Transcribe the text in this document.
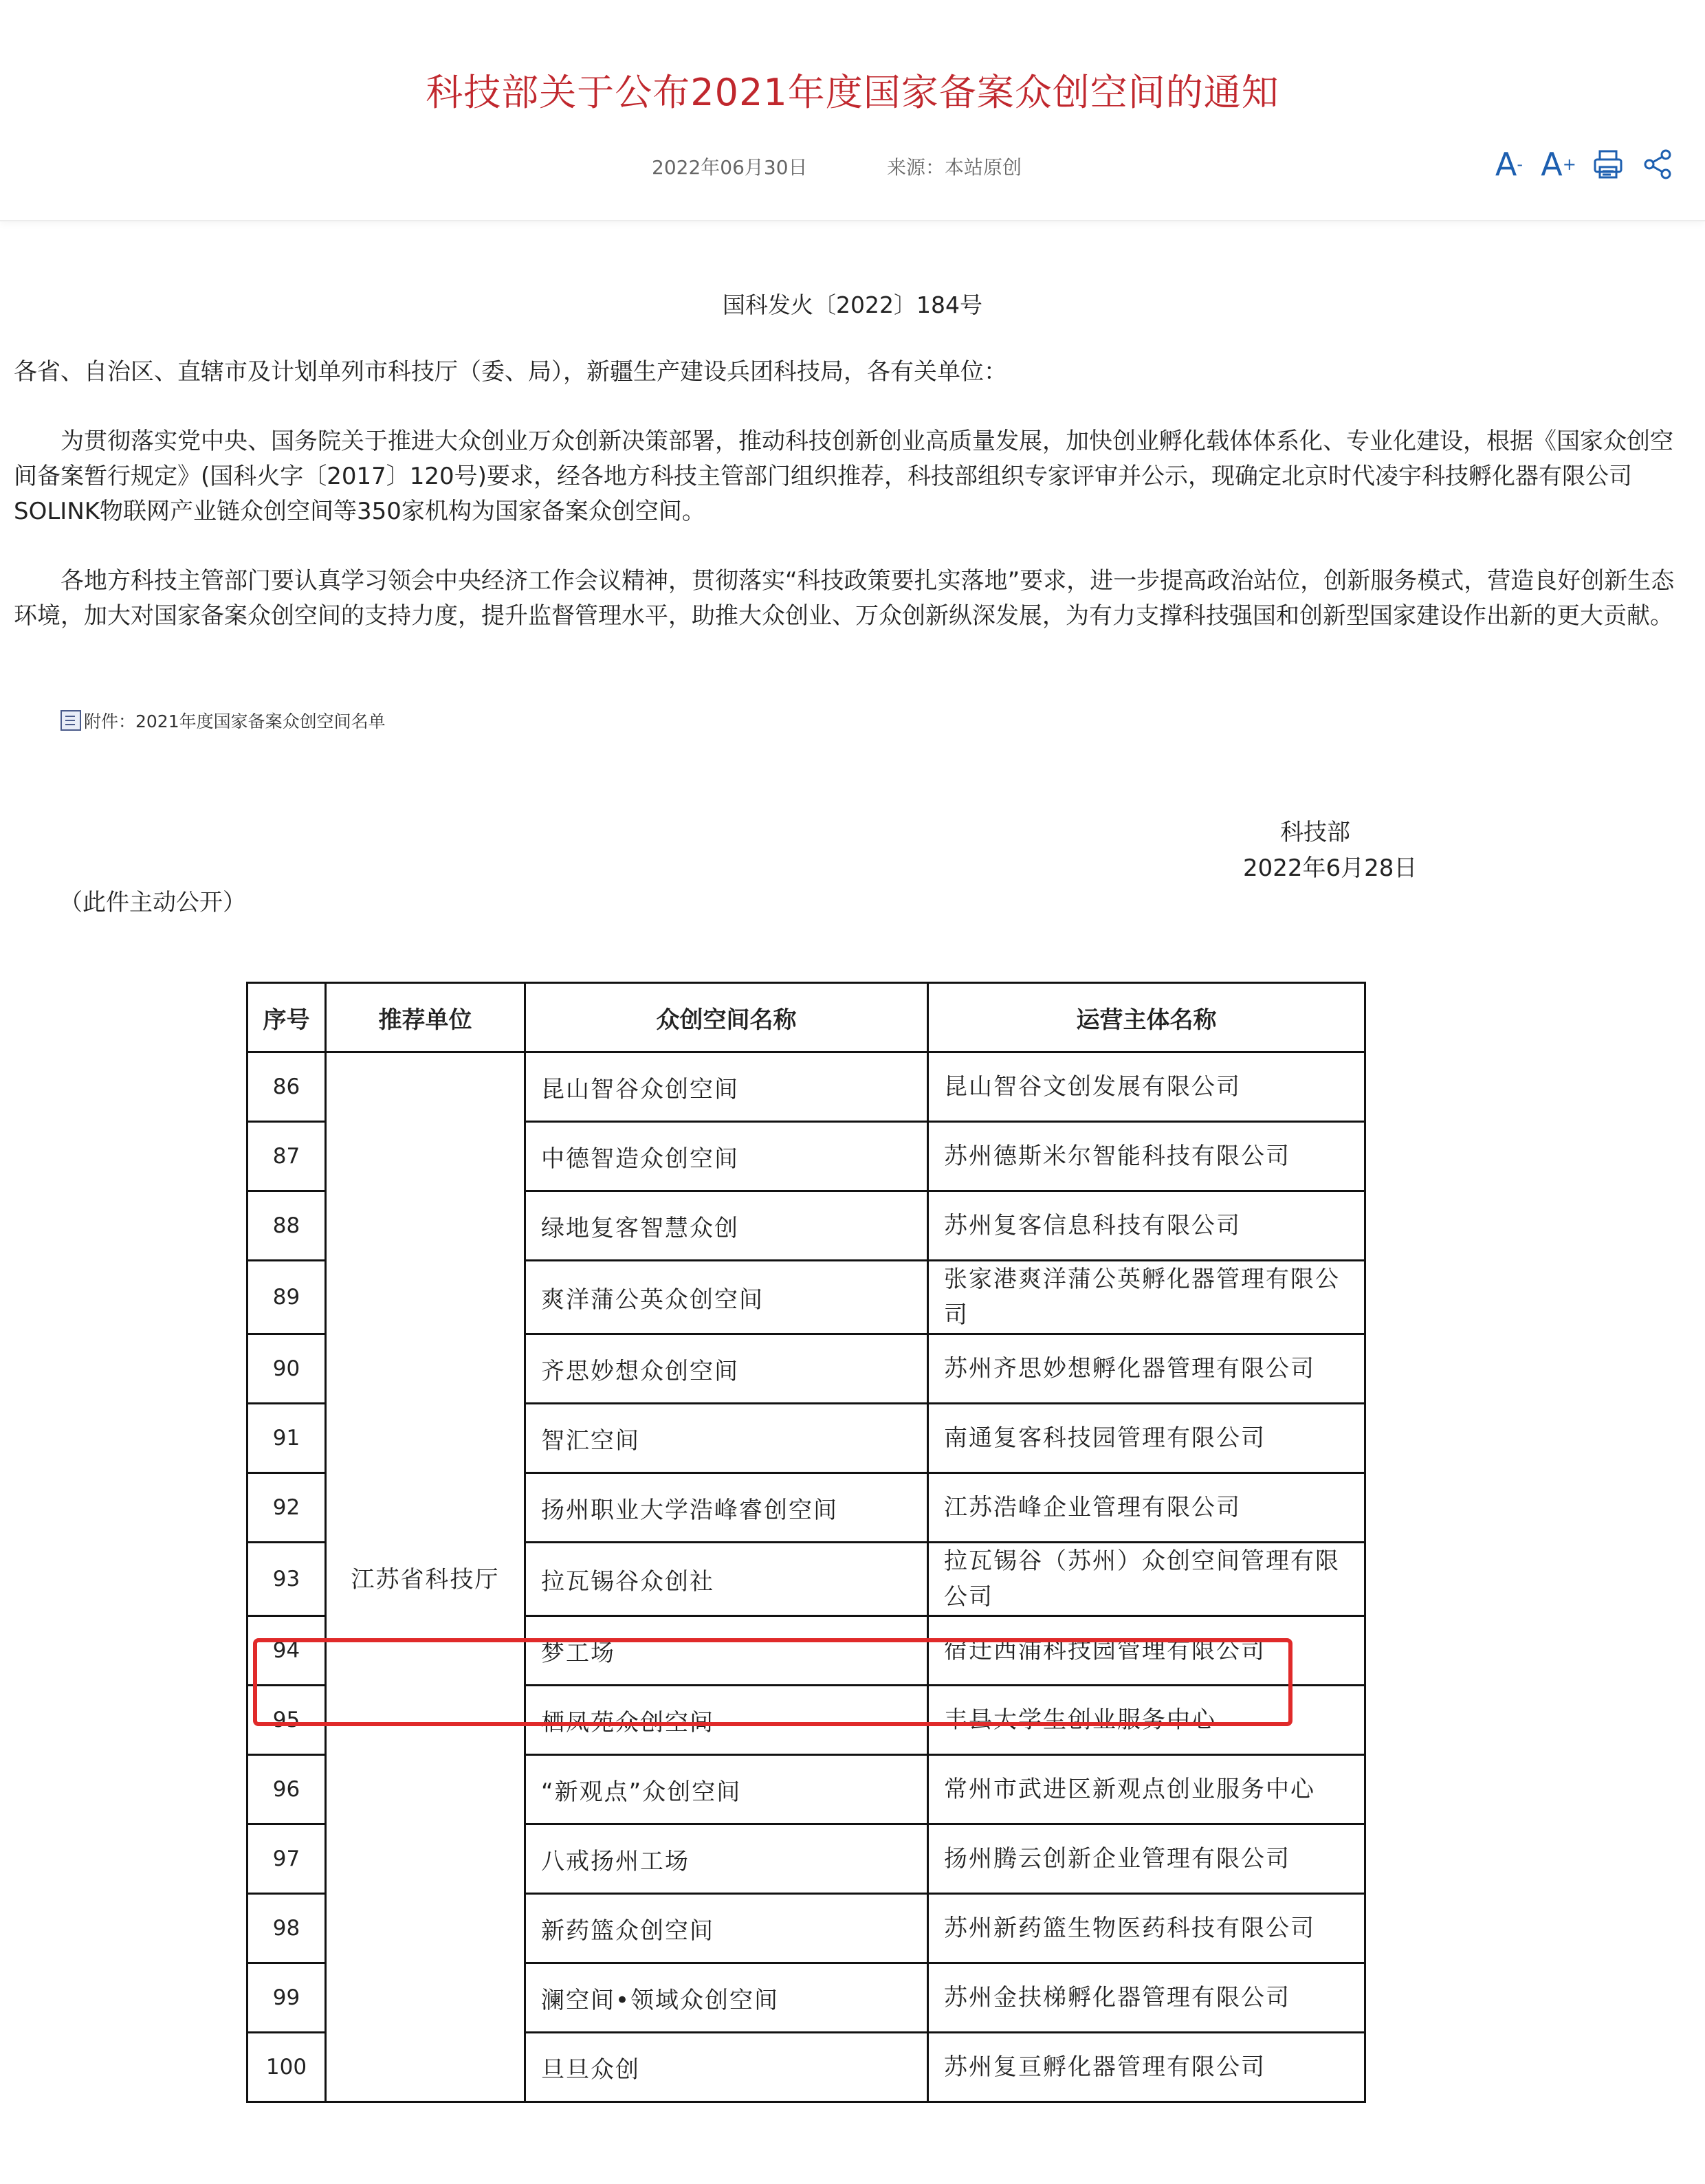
科技部关于公布2021年度国家备案众创空间的通知
2022年06月30日	来源：本站原创	A - A +
国科发火〔2022〕184号
各省、自治区、直辖市及计划单列市科技厅（委、局），新疆生产建设兵团科技局，各有关单位：
为贯彻落实党中央、国务院关于推进大众创业万众创新决策部署，推动科技创新创业高质量发展，加快创业孵化载体体系化、专业化建设，根据《国家众创空间备案暂行规定》(国科火字〔2017〕120号)要求，经各地方科技主管部门组织推荐，科技部组织专家评审并公示，现确定北京时代凌宇科技孵化器有限公司SOLINK物联网产业链众创空间等350家机构为国家备案众创空间。
各地方科技主管部门要认真学习领会中央经济工作会议精神，贯彻落实“科技政策要扎实落地”要求，进一步提高政治站位，创新服务模式，营造良好创新生态环境，加大对国家备案众创空间的支持力度，提升监督管理水平，助推大众创业、万众创新纵深发展，为有力支撑科技强国和创新型国家建设作出新的更大贡献。
附件：2021年度国家备案众创空间名单
科技部
2022年6月28日
（此件主动公开）
序号	推荐单位	众创空间名称	运营主体名称
86	江苏省科技厅	昆山智谷众创空间	昆山智谷文创发展有限公司
87		中德智造众创空间	苏州德斯米尔智能科技有限公司
88		绿地复客智慧众创	苏州复客信息科技有限公司
89		爽洋蒲公英众创空间	张家港爽洋蒲公英孵化器管理有限公司
90		齐思妙想众创空间	苏州齐思妙想孵化器管理有限公司
91		智汇空间	南通复客科技园管理有限公司
92		扬州职业大学浩峰睿创空间	江苏浩峰企业管理有限公司
93		拉瓦锡谷众创社	拉瓦锡谷（苏州）众创空间管理有限公司
94		梦工场	宿迁西浦科技园管理有限公司
95		栖凤苑众创空间	丰县大学生创业服务中心
96		“新观点”众创空间	常州市武进区新观点创业服务中心
97		八戒扬州工场	扬州腾云创新企业管理有限公司
98		新药篮众创空间	苏州新药篮生物医药科技有限公司
99		澜空间•领域众创空间	苏州金扶梯孵化器管理有限公司
100		旦旦众创	苏州复亘孵化器管理有限公司
